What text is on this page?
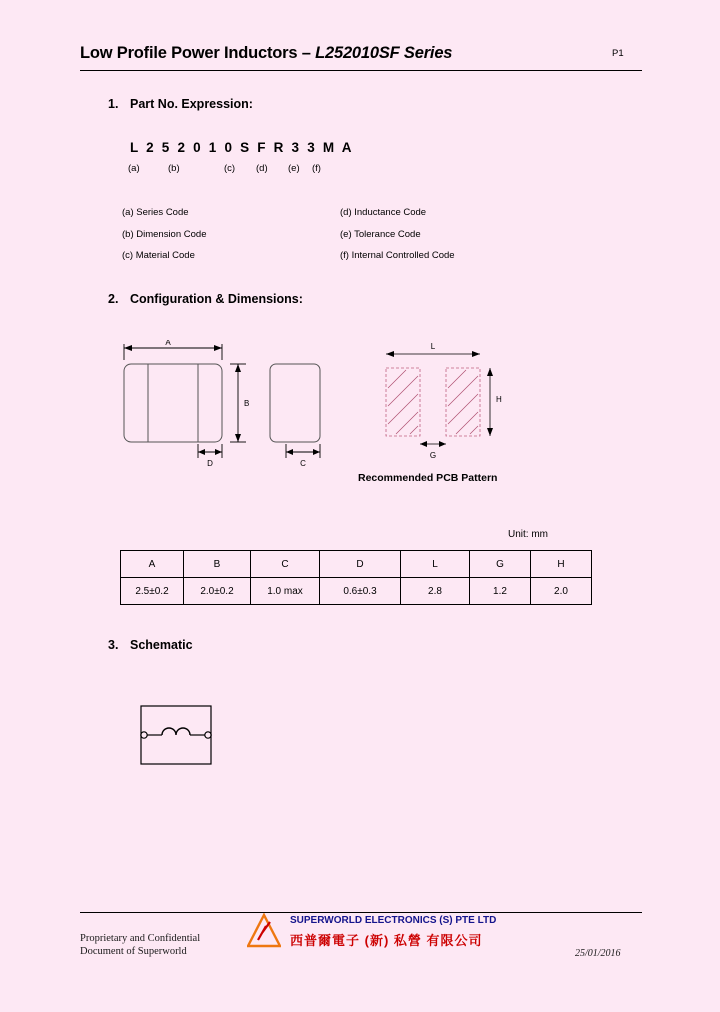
Low Profile Power Inductors – L252010SF Series	P1
1. Part No. Expression:
L 2 5 2 0 1 0 S F R 3 3 M A
(a)	(b)	(c) (d) (e) (f)
(a) Series Code
(b) Dimension Code
(c) Material Code
(d) Inductance Code
(e) Tolerance Code
(f) Internal Controlled Code
2. Configuration & Dimensions:
A
B
D	C
L
H
G
Recommended PCB Pattern
Unit: mm
A	B	C	D	L	G	H
2.5±0.2	2.0±0.2	1.0 max	0.6±0.3	2.8	1.2	2.0
3. Schematic
Proprietary and Confidential
Document of Superworld
SUPERWORLD ELECTRONICS (S) PTE LTD
西普爾電子 (新) 私營 有限公司
25/01/2016
